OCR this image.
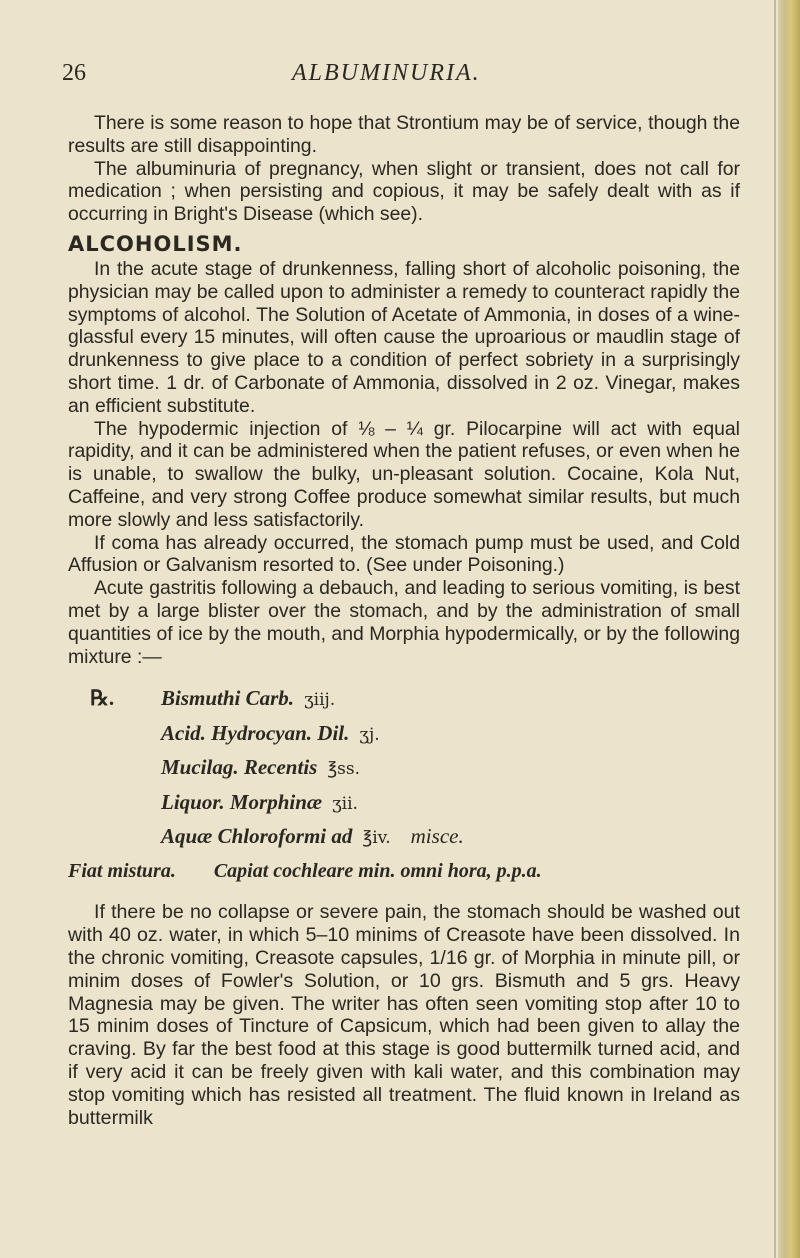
26	ALBUMINURIA.

There is some reason to hope that Strontium may be of service, though the results are still disappointing.

The albuminuria of pregnancy, when slight or transient, does not call for medication ; when persisting and copious, it may be safely dealt with as if occurring in Bright's Disease (which see).

ALCOHOLISM.

In the acute stage of drunkenness, falling short of alcoholic poisoning, the physician may be called upon to administer a remedy to counteract rapidly the symptoms of alcohol. The Solution of Acetate of Ammonia, in doses of a wine-glassful every 15 minutes, will often cause the uproarious or maudlin stage of drunkenness to give place to a condition of perfect sobriety in a surprisingly short time. 1 dr. of Carbonate of Ammonia, dissolved in 2 oz. Vinegar, makes an efficient substitute.

The hypodermic injection of ⅛ – ¼ gr. Pilocarpine will act with equal rapidity, and it can be administered when the patient refuses, or even when he is unable, to swallow the bulky, un-pleasant solution. Cocaine, Kola Nut, Caffeine, and very strong Coffee produce somewhat similar results, but much more slowly and less satisfactorily.

If coma has already occurred, the stomach pump must be used, and Cold Affusion or Galvanism resorted to. (See under Poisoning.)

Acute gastritis following a debauch, and leading to serious vomiting, is best met by a large blister over the stomach, and by the administration of small quantities of ice by the mouth, and Morphia hypodermically, or by the following mixture :—

℞.	Bismuthi Carb. ʒiij.
Acid. Hydrocyan. Dil. ʒj.
Mucilag. Recentis ℥ss.
Liquor. Morphinæ ʒii.
Aquæ Chloroformi ad ℥iv. misce.
Fiat mistura. Capiat cochleare min. omni hora, p.p.a.

If there be no collapse or severe pain, the stomach should be washed out with 40 oz. water, in which 5–10 minims of Creasote have been dissolved. In the chronic vomiting, Creasote capsules, 1/16 gr. of Morphia in minute pill, or minim doses of Fowler's Solution, or 10 grs. Bismuth and 5 grs. Heavy Magnesia may be given. The writer has often seen vomiting stop after 10 to 15 minim doses of Tincture of Capsicum, which had been given to allay the craving. By far the best food at this stage is good buttermilk turned acid, and if very acid it can be freely given with kali water, and this combination may stop vomiting which has resisted all treatment. The fluid known in Ireland as buttermilk
